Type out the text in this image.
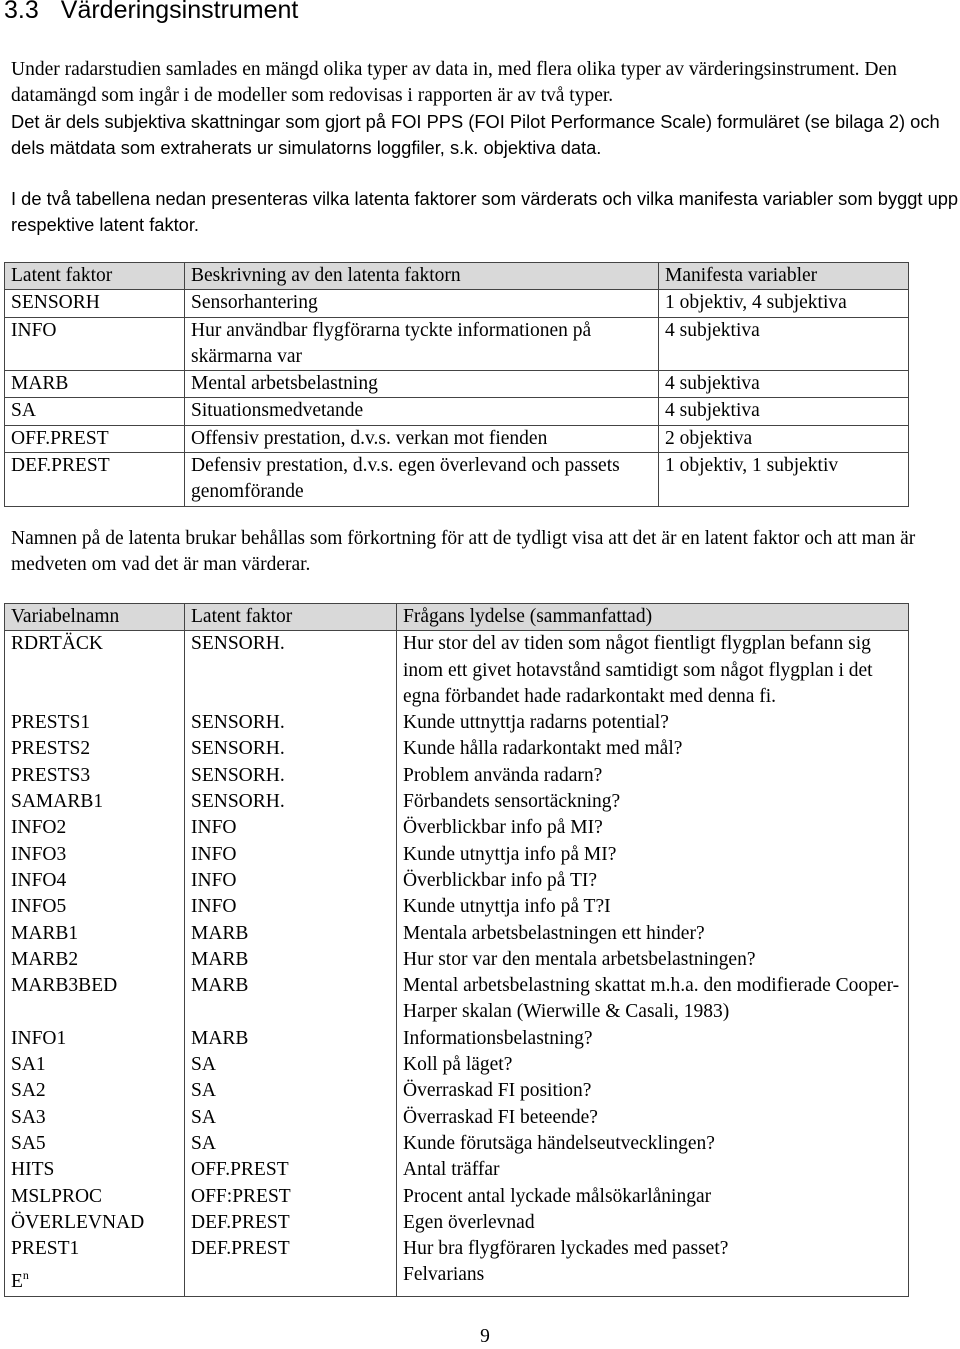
3.3 Värderingsinstrument

Under radarstudien samlades en mängd olika typer av data in, med flera olika typer av värderingsinstrument. Den datamängd som ingår i de modeller som redovisas i rapporten är av två typer.

Det är dels subjektiva skattningar som gjort på FOI PPS (FOI Pilot Performance Scale) formuläret (se bilaga 2) och dels mätdata som extraherats ur simulatorns loggfiler, s.k. objektiva data.

I de två tabellena nedan presenteras vilka latenta faktorer som värderats och vilka manifesta variabler som byggt upp respektive latent faktor.

Latent faktor	Beskrivning av den latenta faktorn	Manifesta variabler
SENSORH	Sensorhantering	1 objektiv, 4 subjektiva
INFO	Hur användbar flygförarna tyckte informationen på skärmarna var	4 subjektiva
MARB	Mental arbetsbelastning	4 subjektiva
SA	Situationsmedvetande	4 subjektiva
OFF.PREST	Offensiv prestation, d.v.s. verkan mot fienden	2 objektiva
DEF.PREST	Defensiv prestation, d.v.s. egen överlevand och passets genomförande	1 objektiv, 1 subjektiv

Namnen på de latenta brukar behållas som förkortning för att de tydligt visa att det är en latent faktor och att man är medveten om vad det är man värderar.

Variabelnamn	Latent faktor	Frågans lydelse (sammanfattad)
RDRTÄCK	SENSORH.	Hur stor del av tiden som något fientligt flygplan befann sig inom ett givet hotavstånd samtidigt som något flygplan i det egna förbandet hade radarkontakt med denna fi.
PRESTS1	SENSORH.	Kunde uttnyttja radarns potential?
PRESTS2	SENSORH.	Kunde hålla radarkontakt med mål?
PRESTS3	SENSORH.	Problem använda radarn?
SAMARB1	SENSORH.	Förbandets sensortäckning?
INFO2	INFO	Överblickbar info på MI?
INFO3	INFO	Kunde utnyttja info på MI?
INFO4	INFO	Överblickbar info på TI?
INFO5	INFO	Kunde utnyttja info på T?I
MARB1	MARB	Mentala arbetsbelastningen ett hinder?
MARB2	MARB	Hur stor var den mentala arbetsbelastningen?
MARB3BED	MARB	Mental arbetsbelastning skattat m.h.a. den modifierade Cooper-Harper skalan (Wierwille & Casali, 1983)
INFO1	MARB	Informationsbelastning?
SA1	SA	Koll på läget?
SA2	SA	Överraskad FI position?
SA3	SA	Överraskad FI beteende?
SA5	SA	Kunde förutsäga händelseutvecklingen?
HITS	OFF.PREST	Antal träffar
MSLPROC	OFF:PREST	Procent antal lyckade målsökarlåningar
ÖVERLEVNAD	DEF.PREST	Egen överlevnad
PREST1	DEF.PREST	Hur bra flygföraren lyckades med passet?
$E^n$		Felvarians
9
